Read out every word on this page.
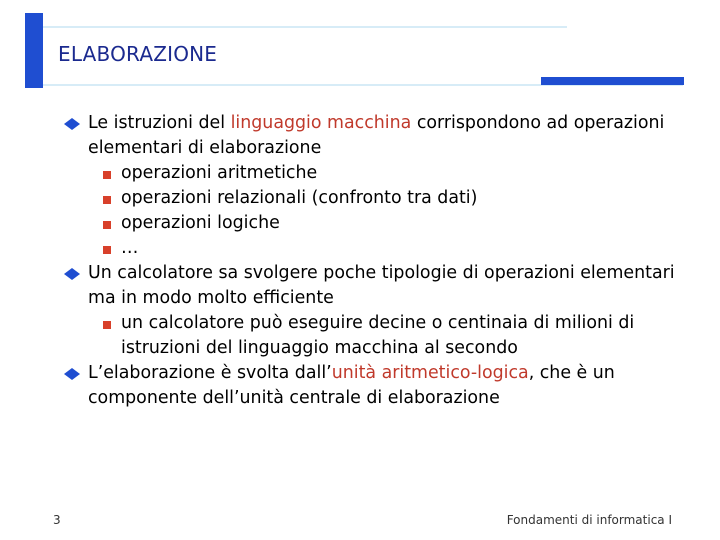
ELABORAZIONE
Le istruzioni del linguaggio macchina corrispondono ad operazioni elementari di elaborazione
operazioni aritmetiche
operazioni relazionali (confronto tra dati)
operazioni logiche
…
Un calcolatore sa svolgere poche tipologie di operazioni elementari ma in modo molto efficiente
un calcolatore può eseguire decine o centinaia di milioni di istruzioni del linguaggio macchina al secondo
L’elaborazione è svolta dall’unità aritmetico-logica, che è un componente dell’unità centrale di elaborazione
3	Fondamenti di informatica I
